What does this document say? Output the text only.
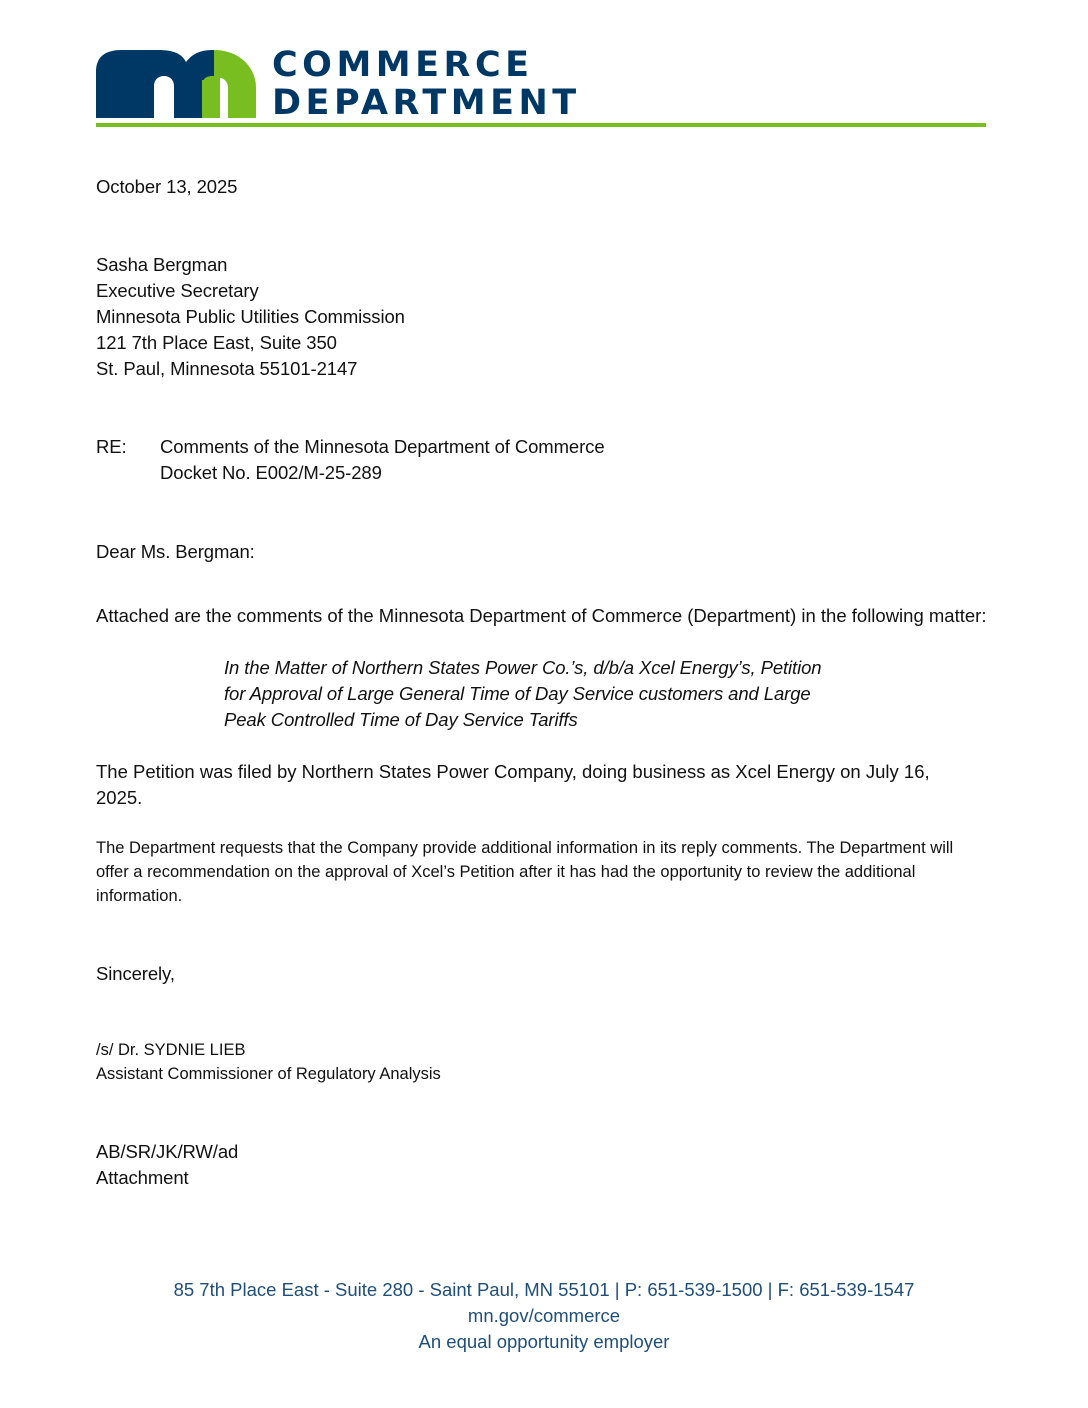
COMMERCE
DEPARTMENT
October 13, 2025
Sasha Bergman
Executive Secretary
Minnesota Public Utilities Commission
121 7th Place East, Suite 350
St. Paul, Minnesota 55101-2147
RE: Comments of the Minnesota Department of Commerce
Docket No. E002/M-25-289
Dear Ms. Bergman:
Attached are the comments of the Minnesota Department of Commerce (Department) in the following matter:
In the Matter of Northern States Power Co.’s, d/b/a Xcel Energy’s, Petition
for Approval of Large General Time of Day Service customers and Large
Peak Controlled Time of Day Service Tariffs
The Petition was filed by Northern States Power Company, doing business as Xcel Energy on July 16, 2025.
The Department requests that the Company provide additional information in its reply comments. The Department will offer a recommendation on the approval of Xcel’s Petition after it has had the opportunity to review the additional information.
Sincerely,
/s/ Dr. SYDNIE LIEB
Assistant Commissioner of Regulatory Analysis
AB/SR/JK/RW/ad
Attachment
85 7th Place East - Suite 280 - Saint Paul, MN 55101 | P: 651-539-1500 | F: 651-539-1547
mn.gov/commerce
An equal opportunity employer
